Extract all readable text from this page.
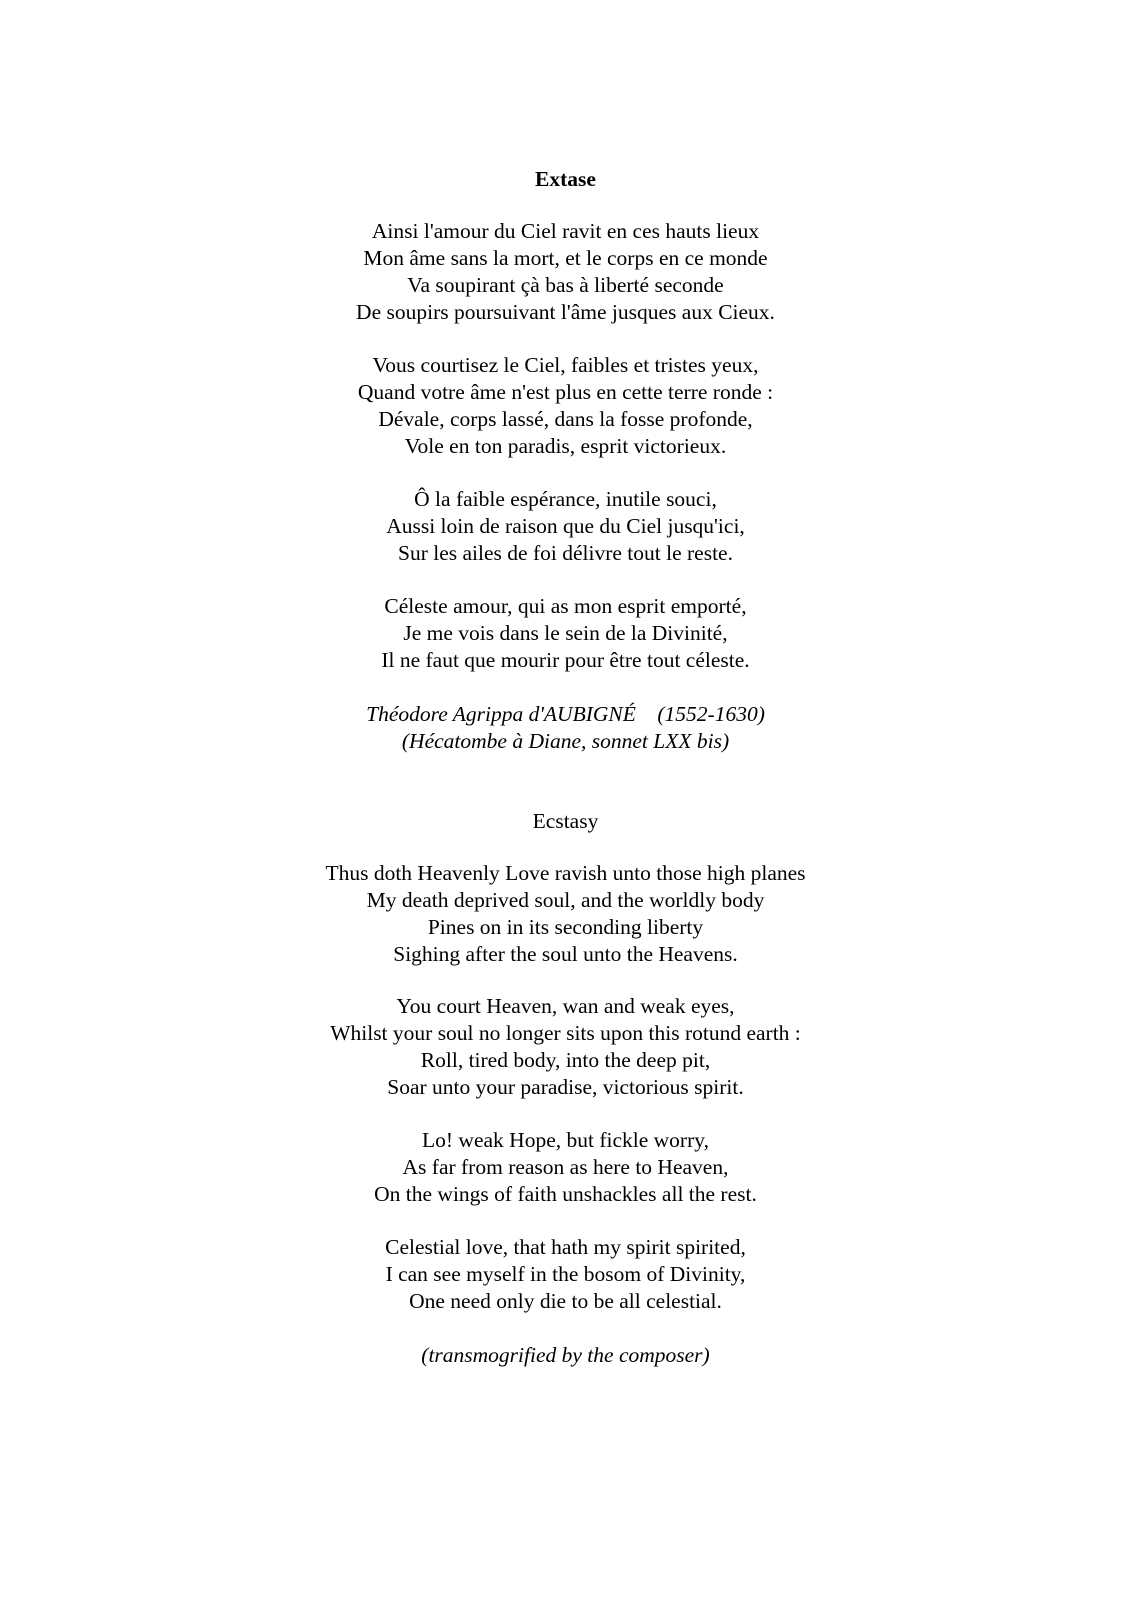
Extase
Ainsi l'amour du Ciel ravit en ces hauts lieux
Mon âme sans la mort, et le corps en ce monde
Va soupirant çà bas à liberté seconde
De soupirs poursuivant l'âme jusques aux Cieux.
Vous courtisez le Ciel, faibles et tristes yeux,
Quand votre âme n'est plus en cette terre ronde :
Dévale, corps lassé, dans la fosse profonde,
Vole en ton paradis, esprit victorieux.
Ô la faible espérance, inutile souci,
Aussi loin de raison que du Ciel jusqu'ici,
Sur les ailes de foi délivre tout le reste.
Céleste amour, qui as mon esprit emporté,
Je me vois dans le sein de la Divinité,
Il ne faut que mourir pour être tout céleste.
Théodore Agrippa d'AUBIGNÉ    (1552-1630)
(Hécatombe à Diane, sonnet LXX bis)
Ecstasy
Thus doth Heavenly Love ravish unto those high planes
My death deprived soul, and the worldly body
Pines on in its seconding liberty
Sighing after the soul unto the Heavens.
You court Heaven, wan and weak eyes,
Whilst your soul no longer sits upon this rotund earth :
Roll, tired body, into the deep pit,
Soar unto your paradise, victorious spirit.
Lo! weak Hope, but fickle worry,
As far from reason as here to Heaven,
On the wings of faith unshackles all the rest.
Celestial love, that hath my spirit spirited,
I can see myself in the bosom of Divinity,
One need only die to be all celestial.
(transmogrified by the composer)
